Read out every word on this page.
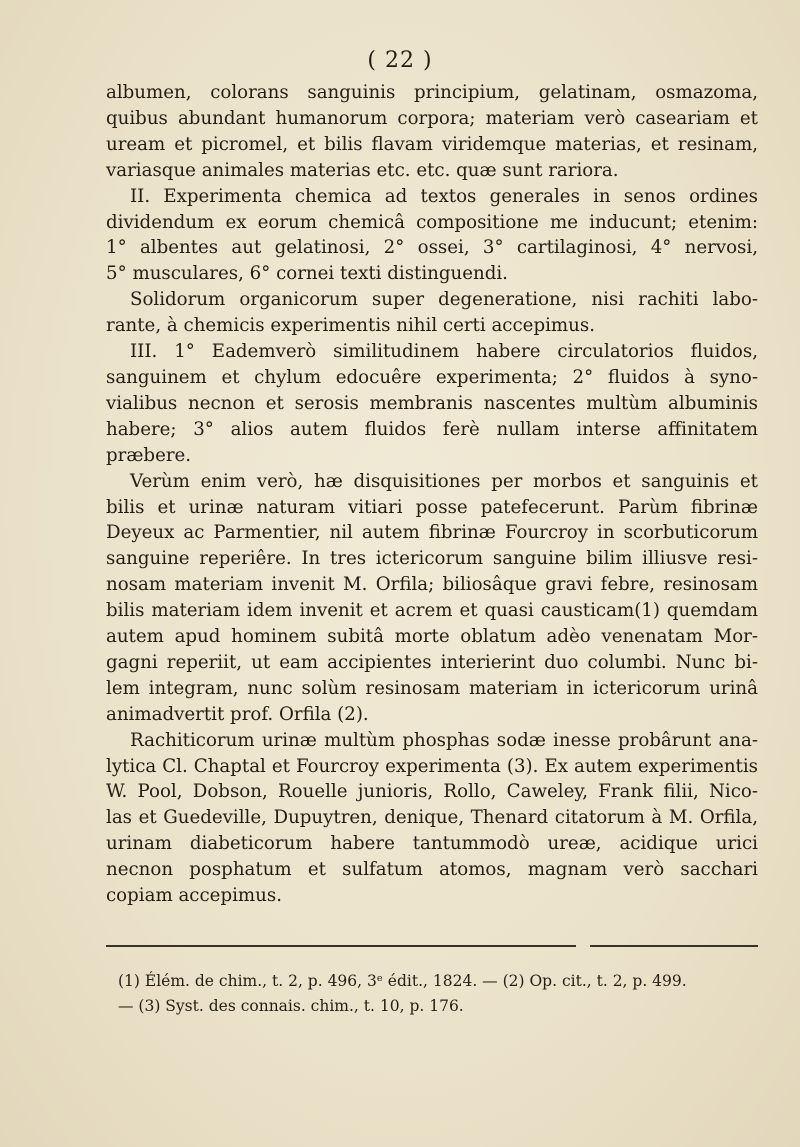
( 22 )
albumen, colorans sanguinis principium, gelatinam, osmazoma,
quibus abundant humanorum corpora; materiam verò caseariam et
uream et picromel, et bilis flavam viridemque materias, et resinam,
variasque animales materias etc. etc. quæ sunt rariora.
II. Experimenta chemica ad textos generales in senos ordines
dividendum ex eorum chemicâ compositione me inducunt; etenim:
1° albentes aut gelatinosi, 2° ossei, 3° cartilaginosi, 4° nervosi,
5° musculares, 6° cornei texti distinguendi.
Solidorum organicorum super degeneratione, nisi rachiti labo-
rante, à chemicis experimentis nihil certi accepimus.
III. 1° Eademverò similitudinem habere circulatorios fluidos,
sanguinem et chylum edocuêre experimenta; 2° fluidos à syno-
vialibus necnon et serosis membranis nascentes multùm albuminis
habere; 3° alios autem fluidos ferè nullam interse affinitatem
præbere.
Verùm enim verò, hæ disquisitiones per morbos et sanguinis et
bilis et urinæ naturam vitiari posse patefecerunt. Parùm fibrinæ
Deyeux ac Parmentier, nil autem fibrinæ Fourcroy in scorbuticorum
sanguine reperiêre. In tres ictericorum sanguine bilim illiusve resi-
nosam materiam invenit M. Orfila; biliosâque gravi febre, resinosam
bilis materiam idem invenit et acrem et quasi causticam(1) quemdam
autem apud hominem subitâ morte oblatum adèo venenatam Mor-
gagni reperiit, ut eam accipientes interierint duo columbi. Nunc bi-
lem integram, nunc solùm resinosam materiam in ictericorum urinâ
animadvertit prof. Orfila (2).
Rachiticorum urinæ multùm phosphas sodæ inesse probârunt ana-
lytica Cl. Chaptal et Fourcroy experimenta (3). Ex autem experimentis
W. Pool, Dobson, Rouelle junioris, Rollo, Caweley, Frank filii, Nico-
las et Guedeville, Dupuytren, denique, Thenard citatorum à M. Orfila,
urinam diabeticorum habere tantummodò ureæ, acidique urici
necnon posphatum et sulfatum atomos, magnam verò sacchari
copiam accepimus.
(1) Élém. de chim., t. 2, p. 496, 3ᵉ édit., 1824. — (2) Op. cit., t. 2, p. 499.
— (3) Syst. des connais. chim., t. 10, p. 176.
